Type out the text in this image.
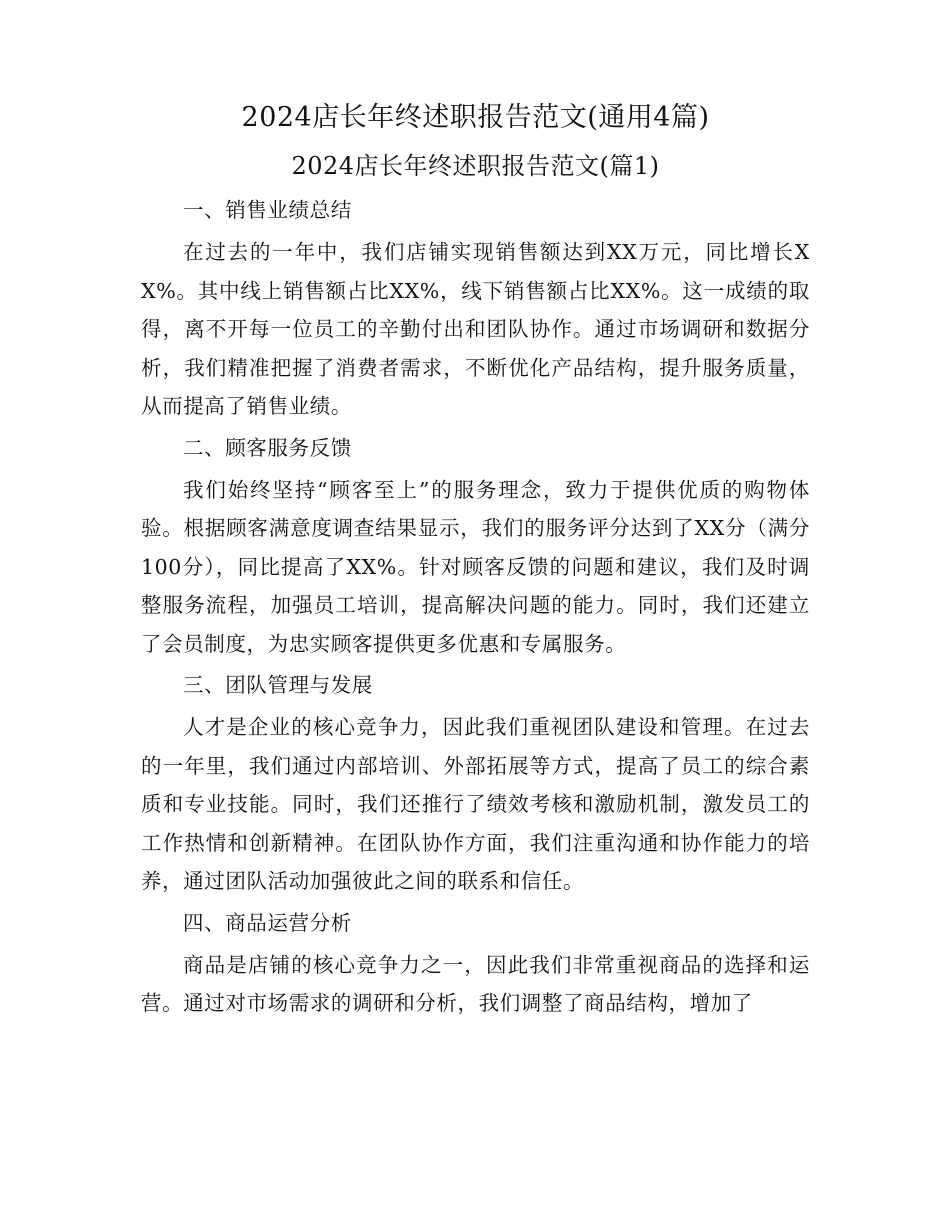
2024店长年终述职报告范文(通用4篇)
2024店长年终述职报告范文(篇1)

一、销售业绩总结

在过去的一年中，我们店铺实现销售额达到XX万元，同比增长XX%。其中线上销售额占比XX%，线下销售额占比XX%。这一成绩的取得，离不开每一位员工的辛勤付出和团队协作。通过市场调研和数据分析，我们精准把握了消费者需求，不断优化产品结构，提升服务质量，从而提高了销售业绩。

二、顾客服务反馈

我们始终坚持“顾客至上”的服务理念，致力于提供优质的购物体验。根据顾客满意度调查结果显示，我们的服务评分达到了XX分（满分100分），同比提高了XX%。针对顾客反馈的问题和建议，我们及时调整服务流程，加强员工培训，提高解决问题的能力。同时，我们还建立了会员制度，为忠实顾客提供更多优惠和专属服务。

三、团队管理与发展

人才是企业的核心竞争力，因此我们重视团队建设和管理。在过去的一年里，我们通过内部培训、外部拓展等方式，提高了员工的综合素质和专业技能。同时，我们还推行了绩效考核和激励机制，激发员工的工作热情和创新精神。在团队协作方面，我们注重沟通和协作能力的培养，通过团队活动加强彼此之间的联系和信任。

四、商品运营分析

商品是店铺的核心竞争力之一，因此我们非常重视商品的选择和运营。通过对市场需求的调研和分析，我们调整了商品结构，增加了
